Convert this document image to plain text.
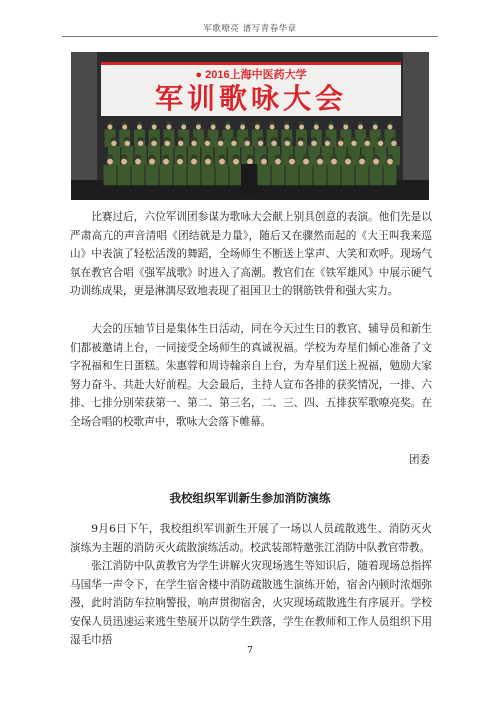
军歌嘹亮 谱写青春华章
● 2016上海中医药大学
军训歌咏大会

比赛过后，六位军训团参谋为歌咏大会献上别具创意的表演。他们先是以严肃高亢的声音清唱《团结就是力量》，随后又在骤然而起的《大王叫我来巡山》中表演了轻松活泼的舞蹈，全场师生不断送上掌声、大笑和欢呼。现场气氛在教官合唱《强军战歌》时进入了高潮。教官们在《铁军雄风》中展示硬气功训练成果，更是淋漓尽致地表现了祖国卫士的钢筋铁骨和强大实力。

大会的压轴节目是集体生日活动，同在今天过生日的教官、辅导员和新生们都被邀请上台，一同接受全场师生的真诚祝福。学校为寿星们倾心准备了文字祝福和生日蛋糕。朱惠蓉和周诗翰亲自上台，为寿星们送上祝福，勉励大家努力奋斗、共赴大好前程。大会最后，主持人宣布各排的获奖情况，一排、六排、七排分别荣获第一、第二、第三名，二、三、四、五排获军歌嘹亮奖。在全场合唱的校歌声中，歌咏大会落下帷幕。

团委
我校组织军训新生参加消防演练

9月6日下午，我校组织军训新生开展了一场以人员疏散逃生、消防灭火演练为主题的消防灭火疏散演练活动。校武装部特邀张江消防中队教官带教。

张江消防中队黄教官为学生讲解火灾现场逃生等知识后，随着现场总指挥马国华一声令下，在学生宿舍楼中消防疏散逃生演练开始，宿舍内顿时浓烟弥漫，此时消防车拉响警报，响声贯彻宿舍，火灾现场疏散逃生有序展开。学校安保人员迅速运来逃生垫展开以防学生跌落，学生在教师和工作人员组织下用湿毛巾捂

7
